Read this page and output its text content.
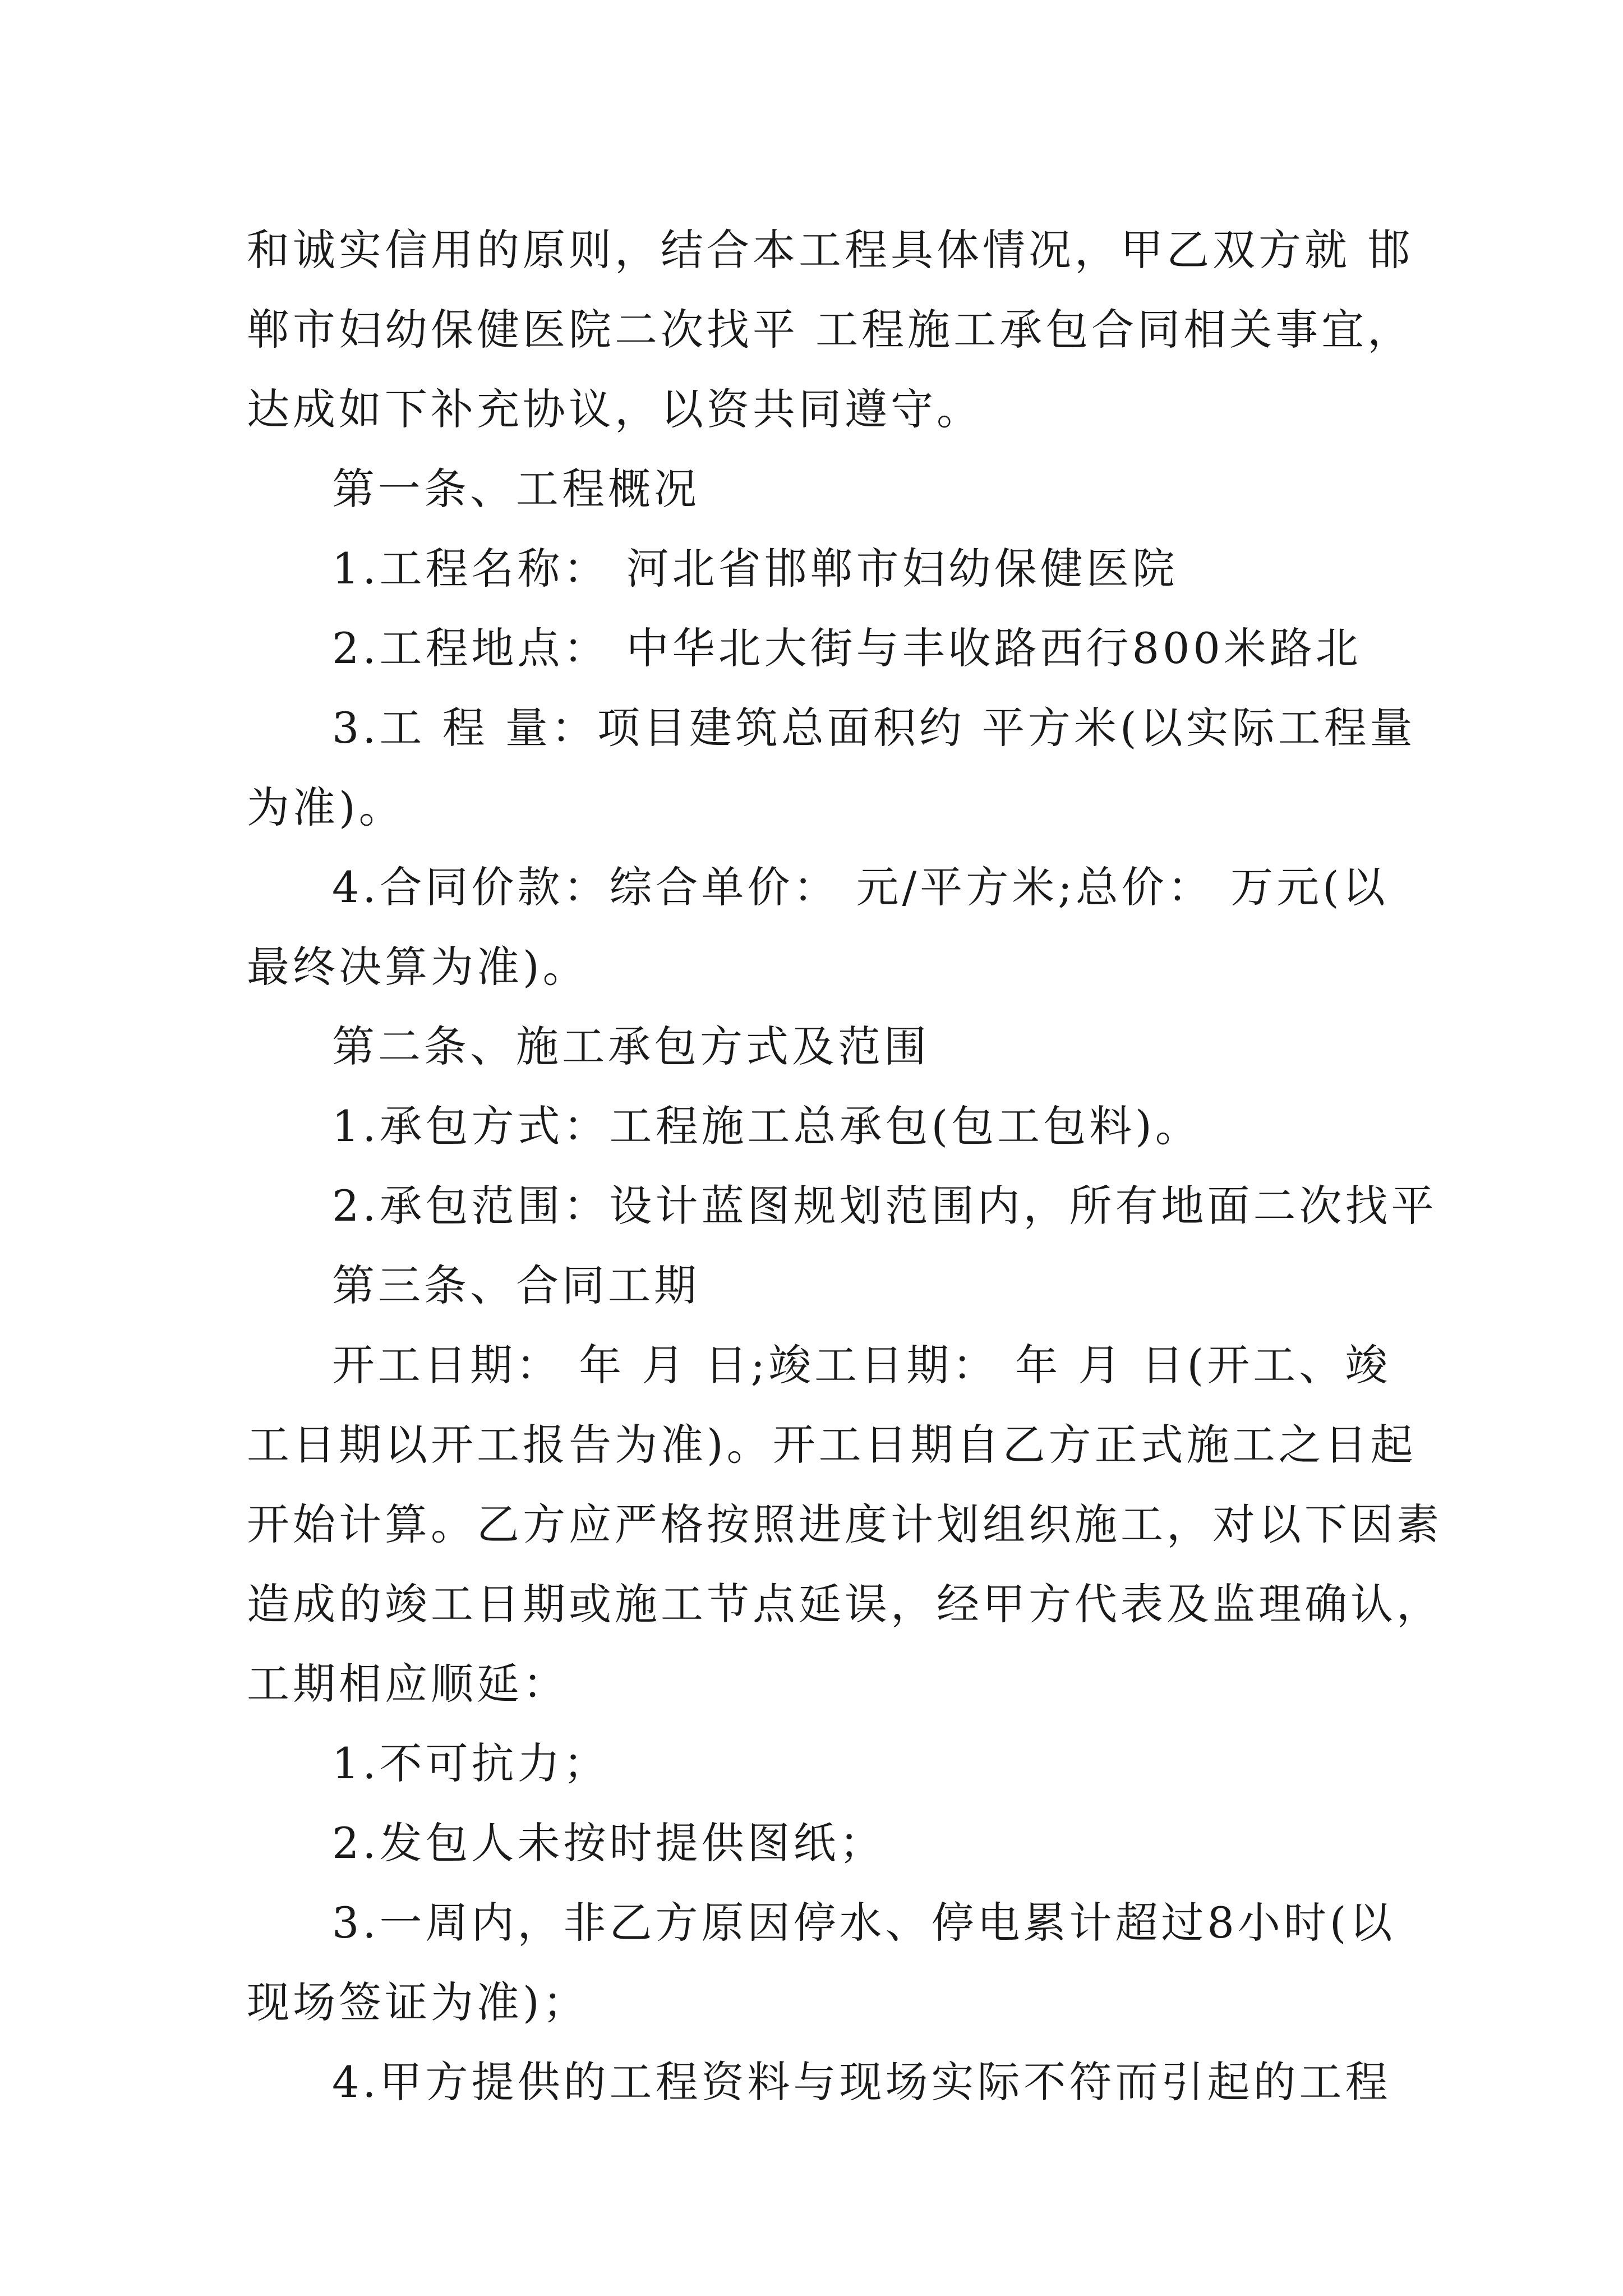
和诚实信用的原则，结合本工程具体情况，甲乙双方就 邯
郸市妇幼保健医院二次找平 工程施工承包合同相关事宜，
达成如下补充协议，以资共同遵守。
第一条、工程概况
1.工程名称： 河北省邯郸市妇幼保健医院
2.工程地点： 中华北大街与丰收路西行800米路北
3.工 程 量：项目建筑总面积约 平方米(以实际工程量
为准)。
4.合同价款：综合单价： 元/平方米;总价： 万元(以
最终决算为准)。
第二条、施工承包方式及范围
1.承包方式：工程施工总承包(包工包料)。
2.承包范围：设计蓝图规划范围内，所有地面二次找平
第三条、合同工期
开工日期： 年 月 日;竣工日期： 年 月 日(开工、竣
工日期以开工报告为准)。开工日期自乙方正式施工之日起
开始计算。乙方应严格按照进度计划组织施工，对以下因素
造成的竣工日期或施工节点延误，经甲方代表及监理确认，
工期相应顺延：
1.不可抗力；
2.发包人未按时提供图纸；
3.一周内，非乙方原因停水、停电累计超过8小时(以
现场签证为准)；
4.甲方提供的工程资料与现场实际不符而引起的工程
